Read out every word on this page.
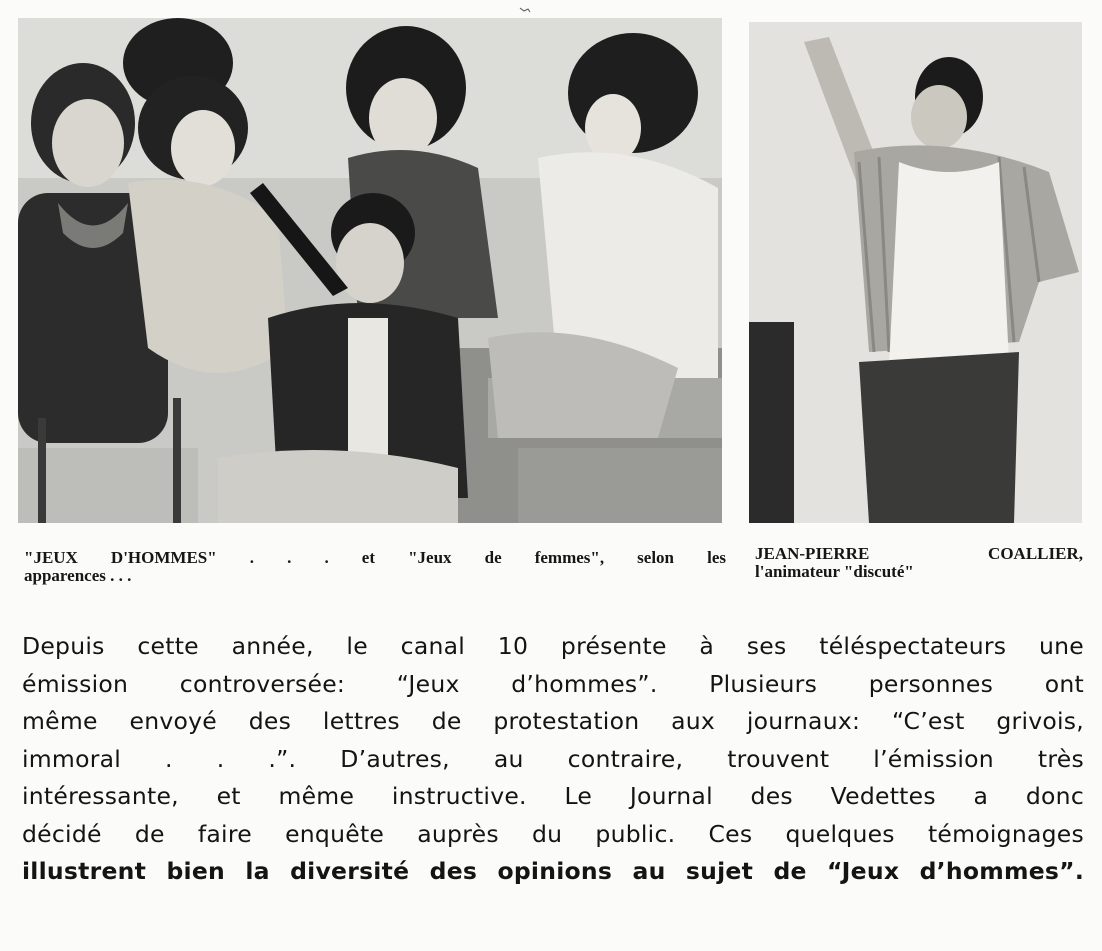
"JEUX D'HOMMES" . . . et "Jeux de femmes", selon les
apparences . . .
JEAN-PIERRE COALLIER,
l'animateur "discuté"
Depuis cette année, le canal 10 présente à ses téléspectateurs une
émission controversée: “Jeux d’hommes”. Plusieurs personnes ont
même envoyé des lettres de protestation aux journaux: “C’est grivois,
immoral . . .”. D’autres, au contraire, trouvent l’émission très
intéressante, et même instructive. Le Journal des Vedettes a donc
décidé de faire enquête auprès du public. Ces quelques témoignages
illustrent bien la diversité des opinions au sujet de “Jeux d’hommes”.
